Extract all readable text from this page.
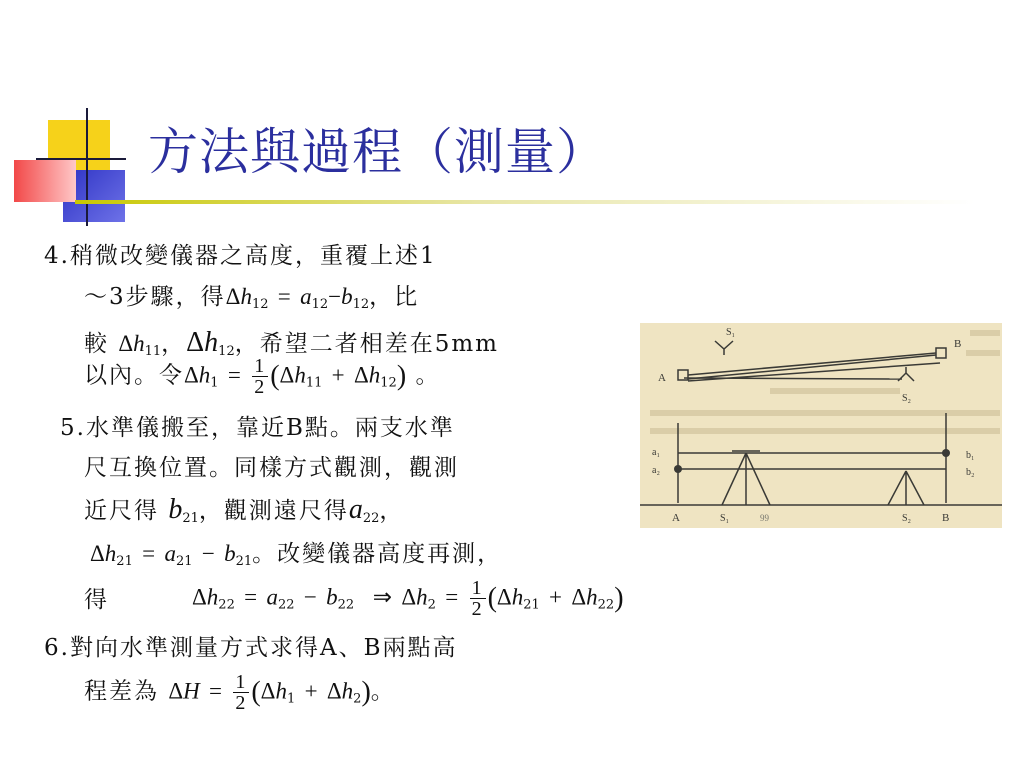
方法與過程（測量）
4.稍微改變儀器之高度，重覆上述1
～3步驟，得$\Delta h_{12} = a_{12}-b_{12}$，比
較 $\Delta h_{11}$，$\Delta h_{12}$，希望二者相差在5mm
以內。令$\Delta h_1 = \frac{1}{2} (\Delta h_{11} + \Delta h_{12})$ 。
5.水準儀搬至，靠近B點。兩支水準
尺互換位置。同樣方式觀測，觀測
近尺得 $b_{21}$，觀測遠尺得$a_{22}$，
$\Delta h_{21} = a_{21} - b_{21}$。改變儀器高度再測，
得	$\Delta h_{22} = a_{22} - b_{22}$ ⇒ $\Delta h_2 = \frac{1}{2} (\Delta h_{21} + \Delta h_{22})$
6.對向水準測量方式求得A、B兩點高
程差為 $\Delta H = \frac{1}{2} (\Delta h_1 + \Delta h_2)$。
S₁
S₂
A
B
a₁
a₂
b₁
b₂
A	S₁	99	S₂	B
